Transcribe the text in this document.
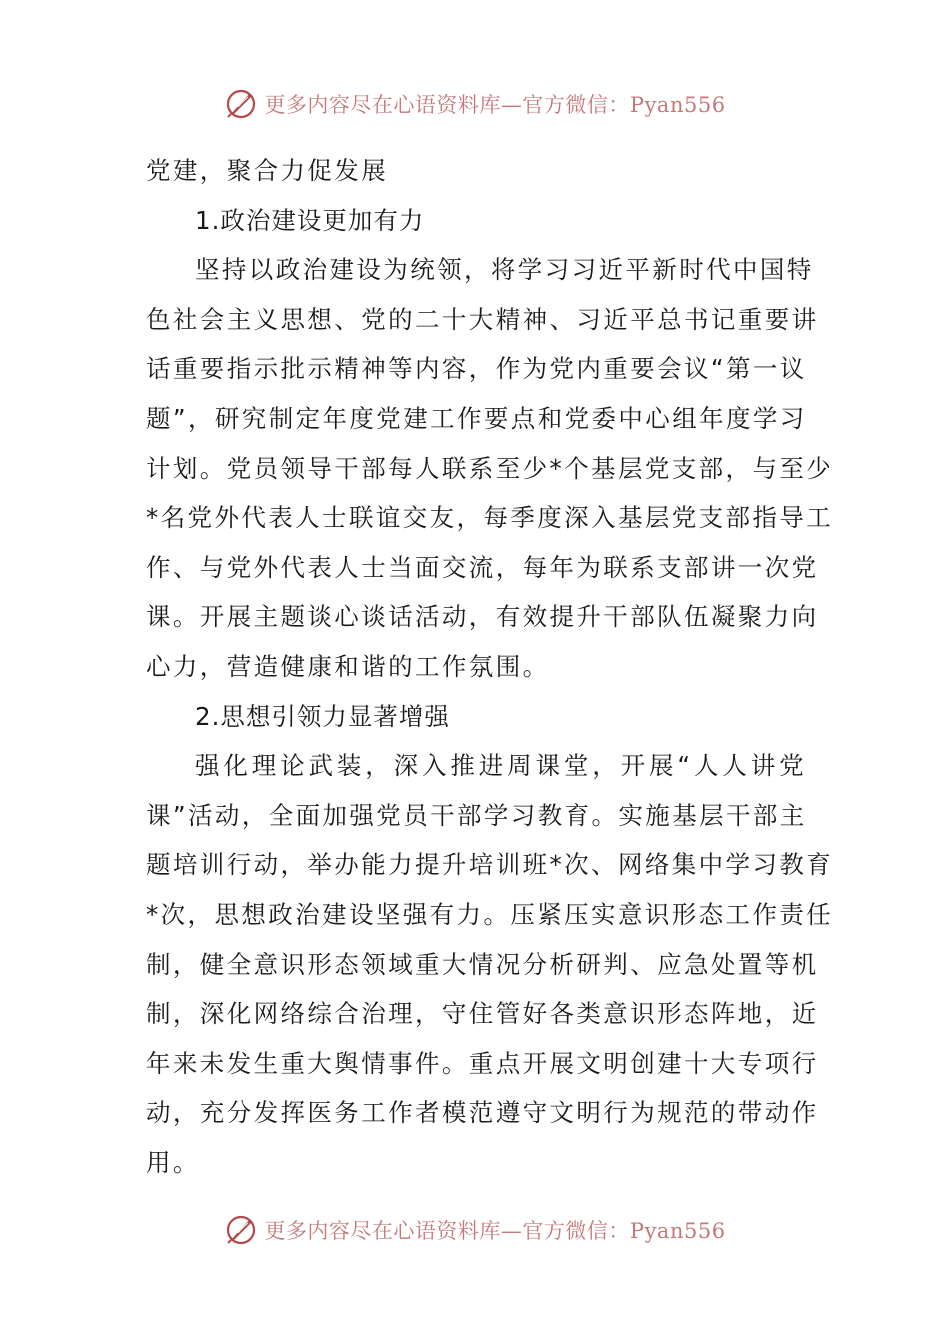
更多内容尽在心语资料库—官方微信：Pyan556
党建，聚合力促发展
1.政治建设更加有力
坚持以政治建设为统领，将学习习近平新时代中国特
色社会主义思想、党的二十大精神、习近平总书记重要讲
话重要指示批示精神等内容，作为党内重要会议“第一议
题”，研究制定年度党建工作要点和党委中心组年度学习
计划。党员领导干部每人联系至少*个基层党支部，与至少
*名党外代表人士联谊交友，每季度深入基层党支部指导工
作、与党外代表人士当面交流，每年为联系支部讲一次党
课。开展主题谈心谈话活动，有效提升干部队伍凝聚力向
心力，营造健康和谐的工作氛围。
2.思想引领力显著增强
强化理论武装，深入推进周课堂，开展“人人讲党
课”活动，全面加强党员干部学习教育。实施基层干部主
题培训行动，举办能力提升培训班*次、网络集中学习教育
*次，思想政治建设坚强有力。压紧压实意识形态工作责任
制，健全意识形态领域重大情况分析研判、应急处置等机
制，深化网络综合治理，守住管好各类意识形态阵地，近
年来未发生重大舆情事件。重点开展文明创建十大专项行
动，充分发挥医务工作者模范遵守文明行为规范的带动作
用。
更多内容尽在心语资料库—官方微信：Pyan556
